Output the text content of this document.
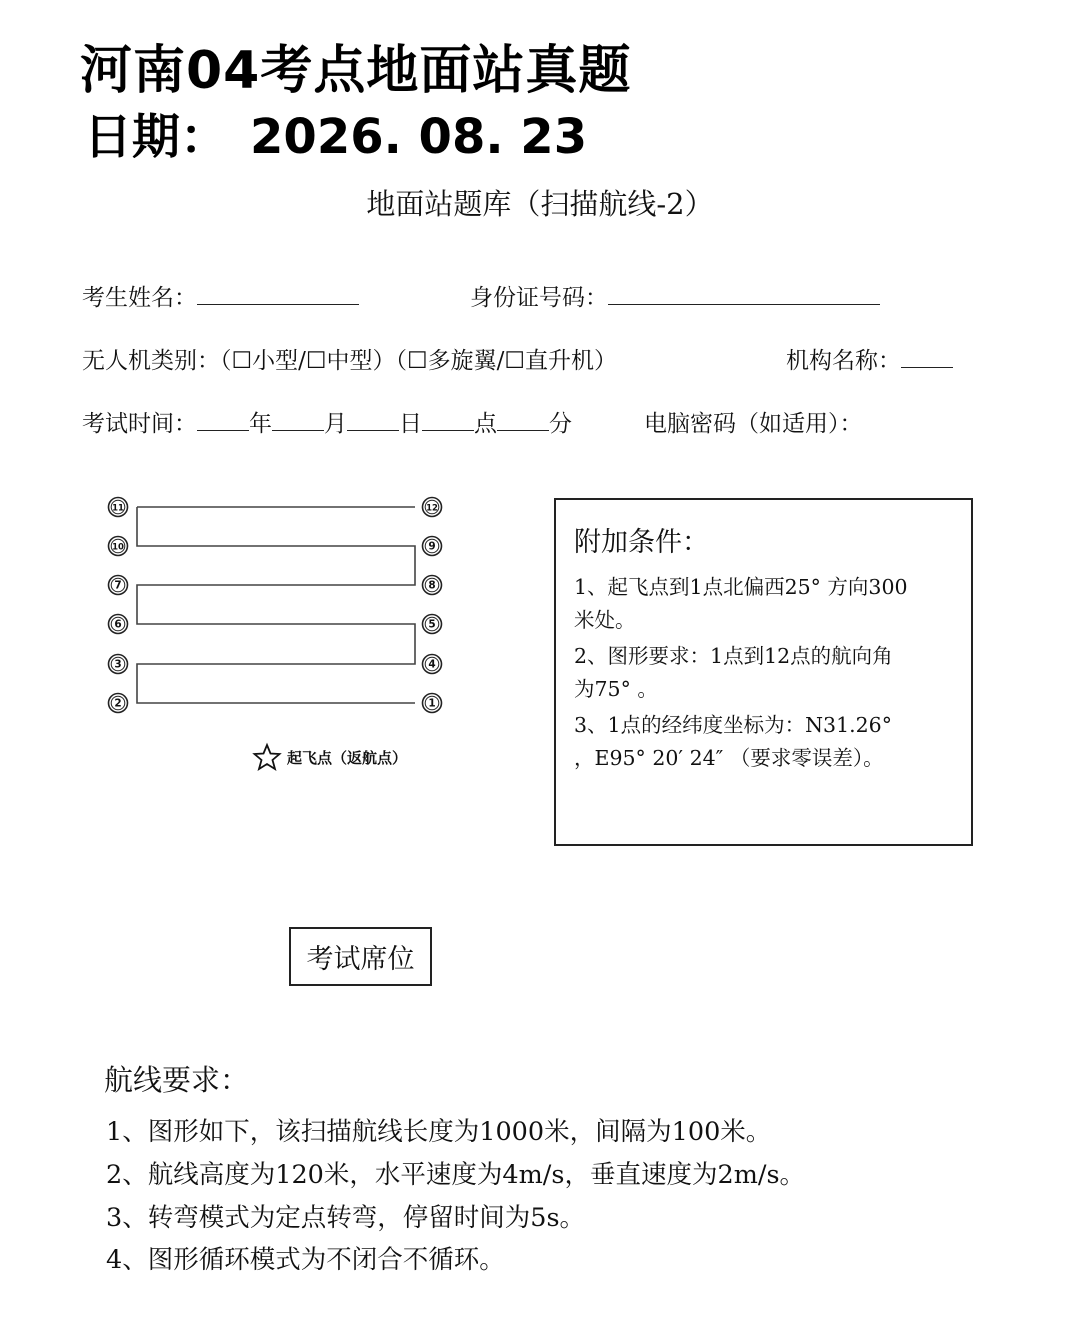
河南04考点地面站真题
日期： 2026. 08. 23
地面站题库（扫描航线-2）
考生姓名：	身份证号码：
无人机类别：（☐小型/☐中型）（☐多旋翼/☐直升机）	机构名称：
考试时间： 年 月 日 点 分	电脑密码（如适用）：
1
2
3	4
5
6
7	8
9
10
11	12
起飞点（返航点）
附加条件：
1、起飞点到1点北偏西25° 方向300
米处。
2、图形要求：1点到12点的航向角
为75° 。
3、1点的经纬度坐标为：N31.26°
，E95° 20′ 24″ （要求零误差）。
考试席位
航线要求：
1、图形如下，该扫描航线长度为1000米，间隔为100米。
2、航线高度为120米，水平速度为4m/s，垂直速度为2m/s。
3、转弯模式为定点转弯，停留时间为5s。
4、图形循环模式为不闭合不循环。
